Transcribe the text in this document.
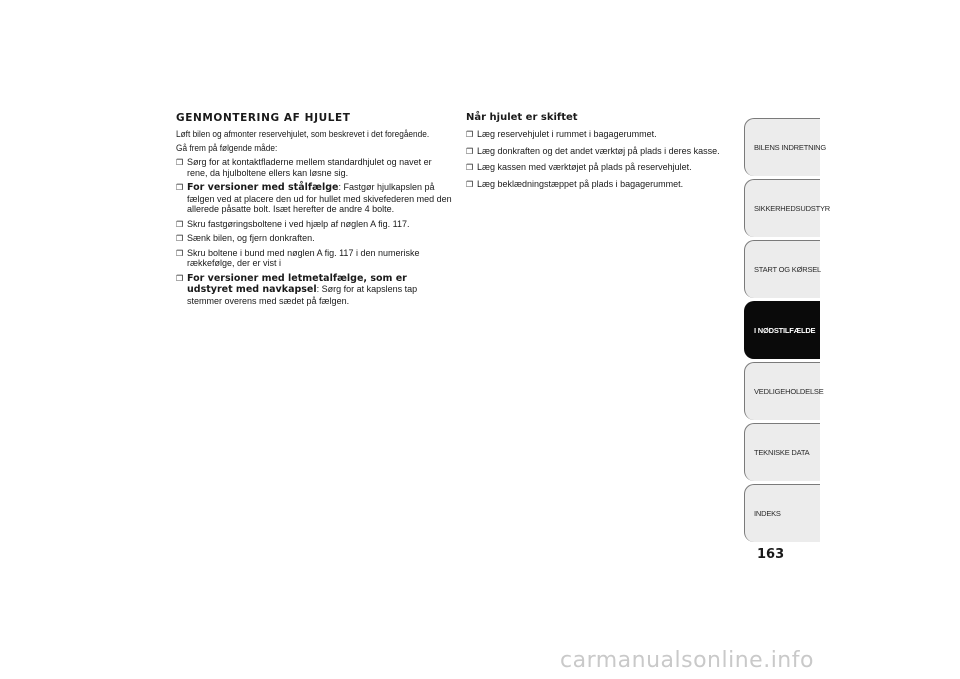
GENMONTERING AF HJULET
Løft bilen og afmonter reservehjulet, som beskrevet i det foregående.
Gå frem på følgende måde:
❒ Sørg for at kontaktfladerne mellem standardhjulet og navet er rene, da hjulboltene ellers kan løsne sig.
❒ For versioner med stålfælge: Fastgør hjulkapslen på fælgen ved at placere den ud for hullet med skivefederen med den allerede påsatte bolt. Isæt herefter de andre 4 bolte.
❒ Skru fastgøringsboltene i ved hjælp af nøglen A fig. 117.
❒ Sænk bilen, og fjern donkraften.
❒ Skru boltene i bund med nøglen A fig. 117 i den numeriske rækkefølge, der er vist i
❒ For versioner med letmetalfælge, som er udstyret med navkapsel: Sørg for at kapslens tap stemmer overens med sædet på fælgen.
Når hjulet er skiftet
❒ Læg reservehjulet i rummet i bagagerummet.
❒ Læg donkraften og det andet værktøj på plads i deres kasse.
❒ Læg kassen med værktøjet på plads på reservehjulet.
❒ Læg beklædningstæppet på plads i bagagerummet.
BILENS INDRETNING
SIKKERHEDSUDSTYR
START OG KØRSEL
I NØDSTILFÆLDE
VEDLIGEHOLDELSE
TEKNISKE DATA
INDEKS
163
carmanualsonline.info
